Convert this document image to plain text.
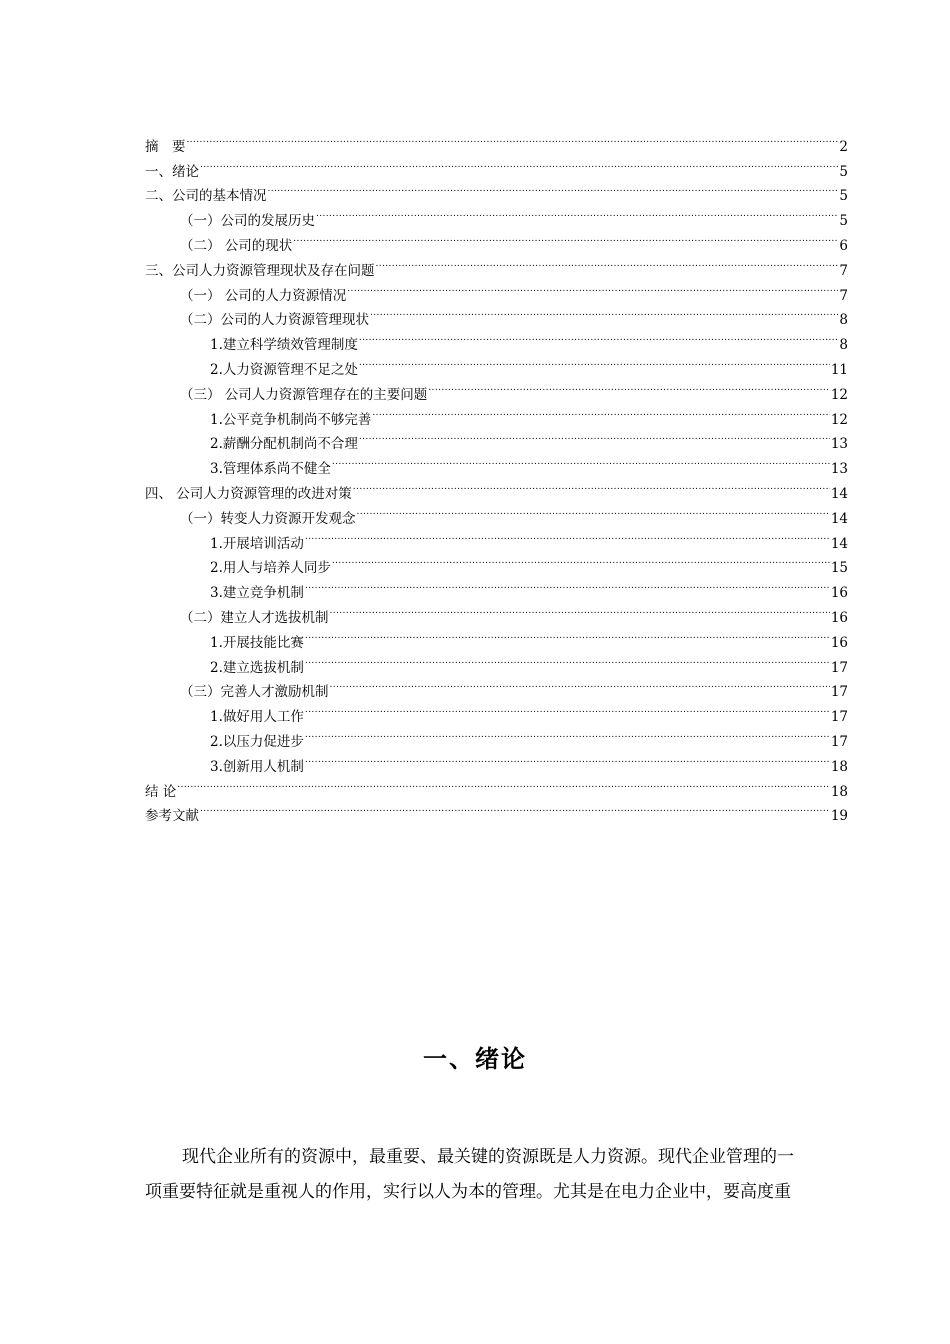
摘　要 .....	2
一、绪论 .....	5
二、公司的基本情况 .....	5
（一）公司的发展历史 .....	5
（二） 公司的现状 .....	6
三、公司人力资源管理现状及存在问题 .....	7
（一） 公司的人力资源情况 .....	7
（二）公司的人力资源管理现状 .....	8
1.建立科学绩效管理制度 .....	8
2.人力资源管理不足之处 .....	11
（三） 公司人力资源管理存在的主要问题 .....	12
1.公平竞争机制尚不够完善 .....	12
2.薪酬分配机制尚不合理 .....	13
3.管理体系尚不健全 .....	13
四、 公司人力资源管理的改进对策 .....	14
（一）转变人力资源开发观念 .....	14
1.开展培训活动 .....	14
2.用人与培养人同步 .....	15
3.建立竞争机制 .....	16
（二）建立人才选拔机制 .....	16
1.开展技能比赛 .....	16
2.建立选拔机制 .....	17
（三）完善人才激励机制 .....	17
1.做好用人工作 .....	17
2.以压力促进步 .....	17
3.创新用人机制 .....	18
结 论 .....	18
参考文献 .....	19
一、绪论
现代企业所有的资源中，最重要、最关键的资源既是人力资源。现代企业管理的一
项重要特征就是重视人的作用，实行以人为本的管理。尤其是在电力企业中，要高度重
